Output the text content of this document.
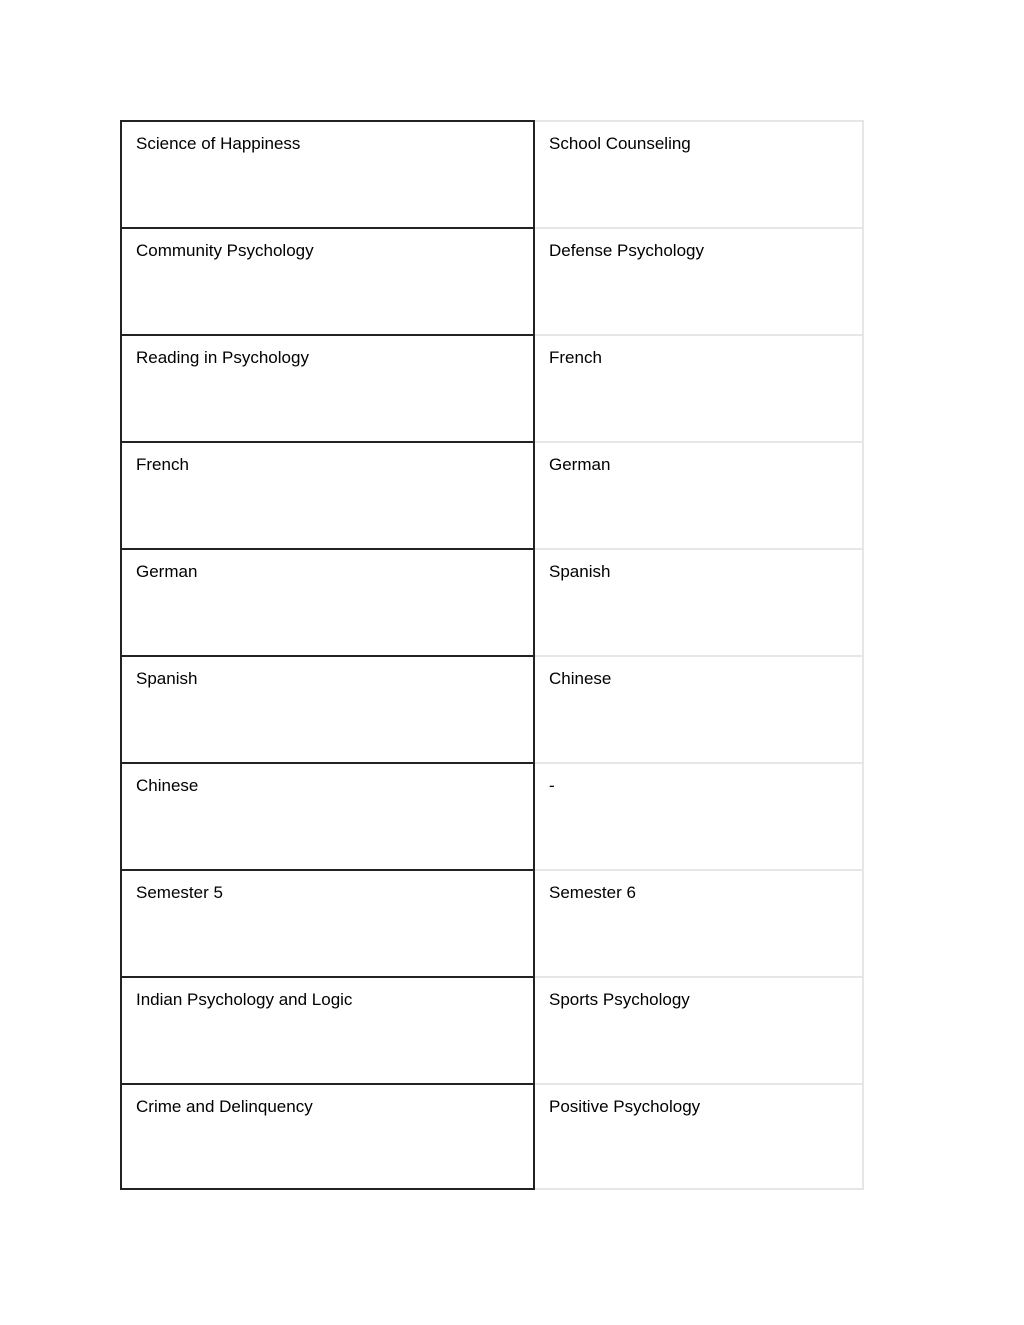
Science of Happiness	School Counseling
Community Psychology	Defense Psychology
Reading in Psychology	French
French	German
German	Spanish
Spanish	Chinese
Chinese	-
Semester 5	Semester 6
Indian Psychology and Logic	Sports Psychology
Crime and Delinquency	Positive Psychology
